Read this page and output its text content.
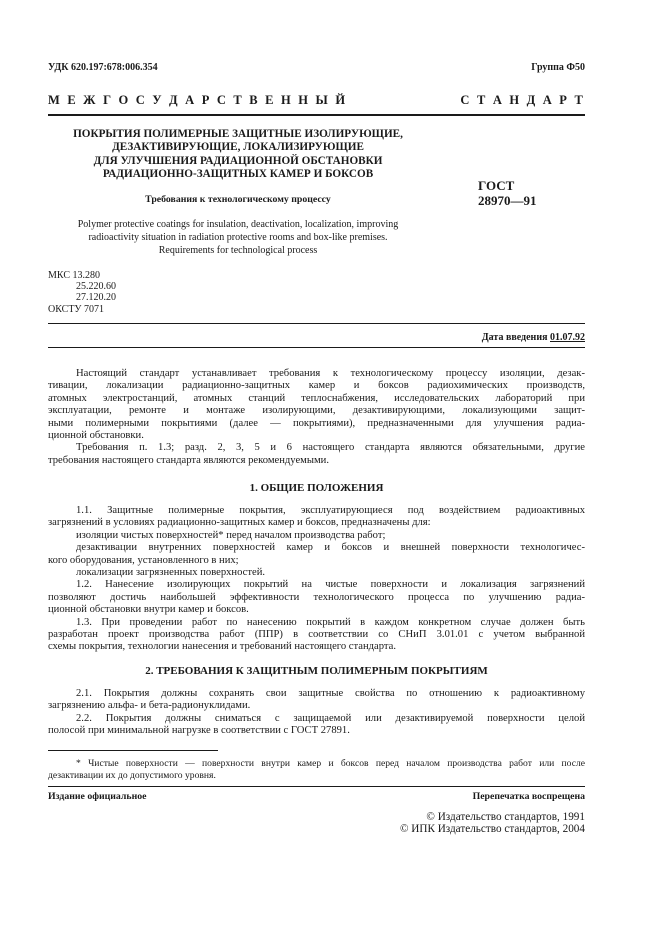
УДК 620.197:678:006.354	Группа Ф50
М Е Ж Г О С У Д А Р С Т В Е Н Н Ы Й	С Т А Н Д А Р Т
ПОКРЫТИЯ ПОЛИМЕРНЫЕ ЗАЩИТНЫЕ ИЗОЛИРУЮЩИЕ,
ДЕЗАКТИВИРУЮЩИЕ, ЛОКАЛИЗИРУЮЩИЕ
ДЛЯ УЛУЧШЕНИЯ РАДИАЦИОННОЙ ОБСТАНОВКИ
РАДИАЦИОННО-ЗАЩИТНЫХ КАМЕР И БОКСОВ
Требования к технологическому процессу
ГОСТ
28970—91
Polymer protective coatings for insulation, deactivation, localization, improving
radioactivity situation in radiation protective rooms and box-like premises.
Requirements for technological process
МКС 13.280
25.220.60
27.120.20
ОКСТУ 7071
Дата введения 01.07.92

Настоящий стандарт устанавливает требования к технологическому процессу изоляции, дезак-

тивации, локализации радиационно-защитных камер и боксов радиохимических производств,

атомных электростанций, атомных станций теплоснабжения, исследовательских лабораторий при

эксплуатации, ремонте и монтаже изолирующими, дезактивирующими, локализующими защит-

ными полимерными покрытиями (далее — покрытиями), предназначенными для улучшения радиа-

ционной обстановки.

Требования п. 1.3; разд. 2, 3, 5 и 6 настоящего стандарта являются обязательными, другие

требования настоящего стандарта являются рекомендуемыми.

1. ОБЩИЕ ПОЛОЖЕНИЯ

1.1. Защитные полимерные покрытия, эксплуатирующиеся под воздействием радиоактивных

загрязнений в условиях радиационно-защитных камер и боксов, предназначены для:

изоляции чистых поверхностей* перед началом производства работ;

дезактивации внутренних поверхностей камер и боксов и внешней поверхности технологичес-

кого оборудования, установленного в них;

локализации загрязненных поверхностей.

1.2. Нанесение изолирующих покрытий на чистые поверхности и локализация загрязнений

позволяют достичь наибольшей эффективности технологического процесса по улучшению радиа-

ционной обстановки внутри камер и боксов.

1.3. При проведении работ по нанесению покрытий в каждом конкретном случае должен быть

разработан проект производства работ (ППР) в соответствии со СНиП 3.01.01 с учетом выбранной

схемы покрытия, технологии нанесения и требований настоящего стандарта.

2. ТРЕБОВАНИЯ К ЗАЩИТНЫМ ПОЛИМЕРНЫМ ПОКРЫТИЯМ

2.1. Покрытия должны сохранять свои защитные свойства по отношению к радиоактивному

загрязнению альфа- и бета-радионуклидами.

2.2. Покрытия должны сниматься с защищаемой или дезактивируемой поверхности целой

полосой при минимальной нагрузке в соответствии с ГОСТ 27891.

* Чистые поверхности — поверхности внутри камер и боксов перед началом производства работ или после

дезактивации их до допустимого уровня.

Издание официальное	Перепечатка воспрещена
© Издательство стандартов, 1991
© ИПК Издательство стандартов, 2004
